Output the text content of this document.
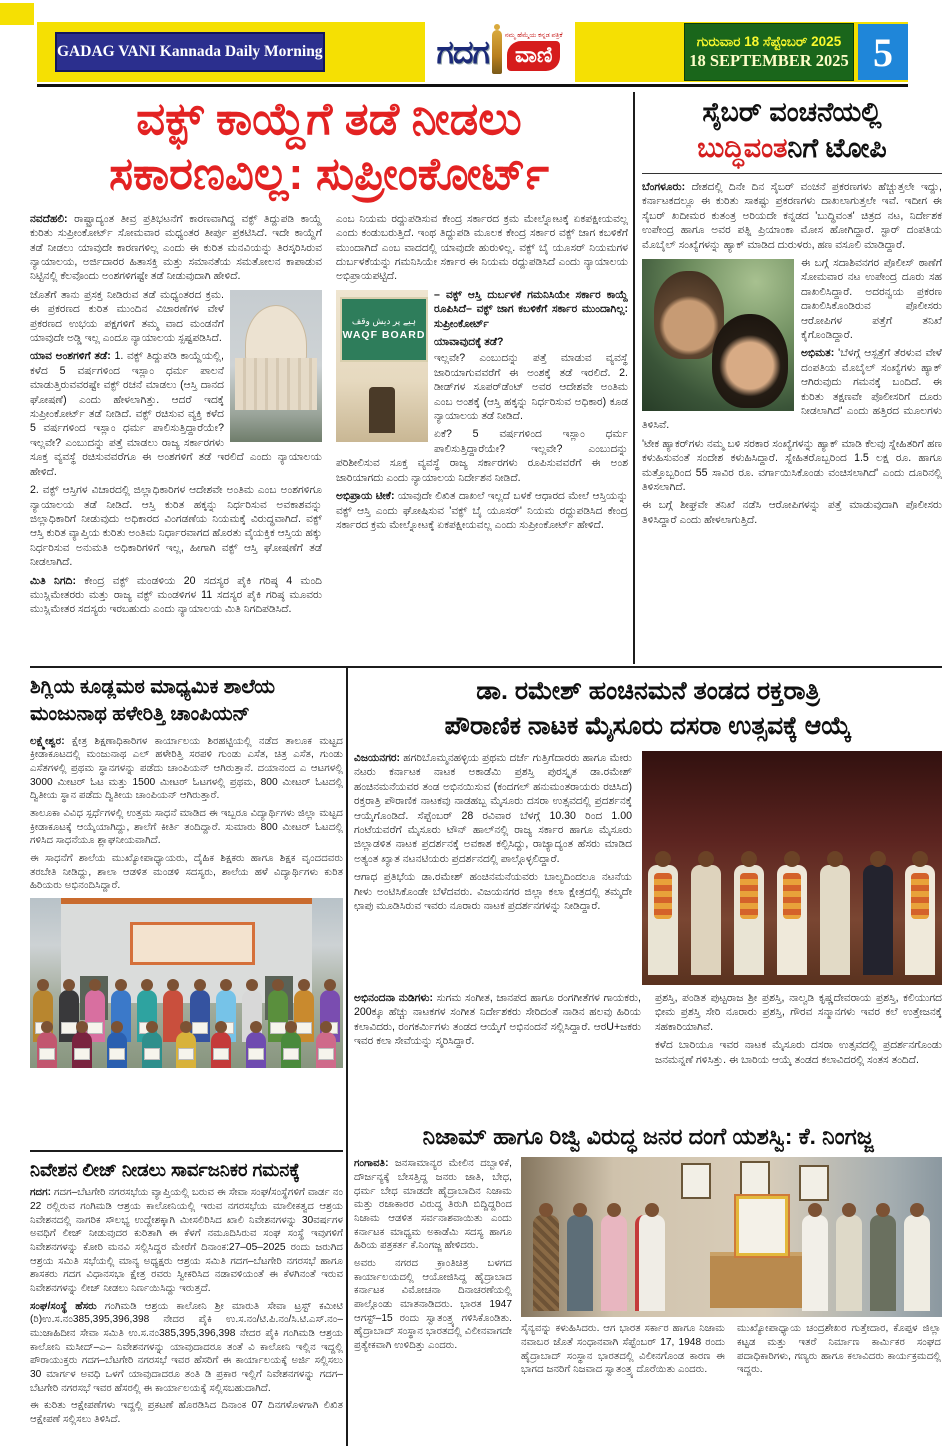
GADAG VANI Kannada Daily Morning	ಗದಗ ನಮ್ಮ ಹೆಮ್ಮೆಯ ಕನ್ನಡ ಪತ್ರಿಕೆ
ವಾಣಿ	ಗುರುವಾರ 18 ಸೆಪ್ಟೆಂಬರ್ 2025
18 SEPTEMBER 2025 5
ವಕ್ಫ್ ಕಾಯ್ದೆಗೆ ತಡೆ ನೀಡಲು
ಸಕಾರಣವಿಲ್ಲ: ಸುಪ್ರೀಂಕೋರ್ಟ್

ನವದೆಹಲಿ: ರಾಷ್ಟ್ರಾದ್ಯಂತ ತೀವ್ರ ಪ್ರತಿಭಟನೆಗೆ ಕಾರಣವಾಗಿದ್ದ ವಕ್ಫ್ ತಿದ್ದುಪಡಿ ಕಾಯ್ದೆ ಕುರಿತು ಸುಪ್ರೀಂಕೋರ್ಟ್ ಸೋಮವಾರ ಮಧ್ಯಂತರ ತೀರ್ಪು ಪ್ರಕಟಿಸಿದೆ. ಇದೇ ಕಾಯ್ದೆಗೆ ತಡೆ ನೀಡಲು ಯಾವುದೇ ಕಾರಣಗಳಿಲ್ಲ ಎಂದು ಈ ಕುರಿತ ಮನವಿಯನ್ನು ತಿರಸ್ಕರಿಸಿರುವ ನ್ಯಾಯಾಲಯ, ಅರ್ಜಿದಾರರ ಹಿತಾಸಕ್ತಿ ಮತ್ತು ಸಮಾನತೆಯ ಸಮತೋಲನ ಕಾಪಾಡುವ ನಿಟ್ಟಿನಲ್ಲಿ ಕೆಲವೊಂದು ಅಂಶಗಳಿಗಷ್ಟೇ ತಡೆ ನೀಡುವುದಾಗಿ ಹೇಳಿದೆ.

ಜೊತೆಗೆ ತಾನು ಪ್ರಸಕ್ತ ನೀಡಿರುವ ತಡೆ ಮಧ್ಯಂತರದ ಕ್ರಮ. ಈ ಪ್ರಕರಣದ ಕುರಿತ ಮುಂದಿನ ವಿಚಾರಣೆಗಳ ವೇಳೆ ಪ್ರಕರಣದ ಉಭಯ ಪಕ್ಷಗಳಿಗೆ ತಮ್ಮ ವಾದ ಮಂಡನೆಗೆ ಯಾವುದೇ ಅಡ್ಡಿ ಇಲ್ಲ ಎಂದೂ ನ್ಯಾಯಾಲಯ ಸ್ಪಷ್ಟಪಡಿಸಿದೆ.

ಯಾವ ಅಂಶಗಳಿಗೆ ತಡೆ: 1. ವಕ್ಫ್ ತಿದ್ದುಪಡಿ ಕಾಯ್ದೆಯಲ್ಲಿ, ಕಳೆದ 5 ವರ್ಷಗಳಿಂದ ಇಸ್ಲಾಂ ಧರ್ಮ ಪಾಲನೆ ಮಾಡುತ್ತಿರುವವರಷ್ಟೇ ವಕ್ಫ್ ರಚನೆ ಮಾಡಲು (ಆಸ್ತಿ ದಾನದ ಘೋಷಣೆ) ಎಂದು ಹೇಳಲಾಗಿತ್ತು. ಆದರೆ ಇದಕ್ಕೆ ಸುಪ್ರೀಂಕೋರ್ಟ್ ತಡೆ ನೀಡಿದೆ. ವಕ್ಫ್ ರಚಿಸುವ ವ್ಯಕ್ತಿ ಕಳೆದ 5 ವರ್ಷಗಳಿಂದ ಇಸ್ಲಾಂ ಧರ್ಮ ಪಾಲಿಸುತ್ತಿದ್ದಾರೆಯೇ? ಇಲ್ಲವೇ? ಎಂಬುದನ್ನು ಪತ್ತೆ ಮಾಡಲು ರಾಜ್ಯ ಸರ್ಕಾರಗಳು ಸೂಕ್ತ ವ್ಯವಸ್ಥೆ ರಚಿಸುವವರೆಗೂ ಈ ಅಂಶಗಳಿಗೆ ತಡೆ ಇರಲಿದೆ ಎಂದು ನ್ಯಾಯಾಲಯ ಹೇಳಿದೆ.

2. ವಕ್ಫ್ ಆಸ್ತಿಗಳ ವಿಚಾರದಲ್ಲಿ ಜಿಲ್ಲಾಧಿಕಾರಿಗಳ ಆದೇಶವೇ ಅಂತಿಮ ಎಂಬ ಅಂಶಗಳಿಗೂ ನ್ಯಾಯಾಲಯ ತಡೆ ನೀಡಿದೆ. ಆಸ್ತಿ ಕುರಿತ ಹಕ್ಕನ್ನು ನಿರ್ಧರಿಸುವ ಅವಕಾಶವನ್ನು ಜಿಲ್ಲಾಧಿಕಾರಿಗೆ ನೀಡುವುದು ಅಧಿಕಾರದ ವಿಂಗಡಣೆಯ ನಿಯಮಕ್ಕೆ ವಿರುದ್ಧವಾಗಿದೆ. ವಕ್ಫ್ ಆಸ್ತಿ ಕುರಿತ ವ್ಯಾಪ್ತಿಯ ಕುರಿತು ಅಂತಿಮ ನಿರ್ಧಾರವಾಗದ ಹೊರತು ವೈಯಕ್ತಿಕ ಆಸ್ತಿಯ ಹಕ್ಕು ನಿರ್ಧರಿಸುವ ಅನುಮತಿ ಅಧಿಕಾರಿಗಳಿಗೆ ಇಲ್ಲ, ಹೀಗಾಗಿ ವಕ್ಫ್ ಆಸ್ತಿ ಘೋಷಣೆಗೆ ತಡೆ ನೀಡಲಾಗಿದೆ.

ಮಿತಿ ನಿಗದಿ: ಕೇಂದ್ರ ವಕ್ಫ್ ಮಂಡಳಿಯ 20 ಸದಸ್ಯರ ಪೈಕಿ ಗರಿಷ್ಠ 4 ಮಂದಿ ಮುಸ್ಲಿಮೇತರರು ಮತ್ತು ರಾಜ್ಯ ವಕ್ಫ್ ಮಂಡಳಿಗಳ 11 ಸದಸ್ಯರ ಪೈಕಿ ಗರಿಷ್ಠ ಮೂವರು ಮುಸ್ಲಿಮೇತರ ಸದಸ್ಯರು ಇರಬಹುದು ಎಂದು ನ್ಯಾಯಾಲಯ ಮಿತಿ ನಿಗದಿಪಡಿಸಿದೆ.

ಎಂಬ ನಿಯಮ ರದ್ದುಪಡಿಸುವ ಕೇಂದ್ರ ಸರ್ಕಾರದ ಕ್ರಮ ಮೇಲ್ನೋಟಕ್ಕೆ ಏಕಪಕ್ಷೀಯವಲ್ಲ ಎಂದು ಕಂಡುಬರುತ್ತಿದೆ. ಇಂಥ ತಿದ್ದುಪಡಿ ಮೂಲಕ ಕೇಂದ್ರ ಸರ್ಕಾರ ವಕ್ಫ್ ಜಾಗ ಕಬಳಿಕೆಗೆ ಮುಂದಾಗಿದೆ ಎಂಬ ವಾದದಲ್ಲಿ ಯಾವುದೇ ಹುರುಳಿಲ್ಲ. ವಕ್ಫ್ ಬೈ ಯೂಸರ್ ನಿಯಮಗಳ ದುರ್ಬಳಕೆಯನ್ನು ಗಮನಿಸಿಯೇ ಸರ್ಕಾರ ಈ ನಿಯಮ ರದ್ದುಪಡಿಸಿದೆ ಎಂದು ನ್ಯಾಯಾಲಯ ಅಭಿಪ್ರಾಯಪಟ್ಟಿದೆ.

ہیے پر دیش وقف
WAQF BOARD

– ವಕ್ಫ್ ಆಸ್ತಿ ದುರ್ಬಳಕೆ ಗಮನಿಸಿಯೇ ಸರ್ಕಾರ ಕಾಯ್ದೆ ರೂಪಿಸಿದೆ– ವಕ್ಫ್ ಜಾಗ ಕಬಳಿಕೆಗೆ ಸರ್ಕಾರ ಮುಂದಾಗಿಲ್ಲ: ಸುಪ್ರೀಂಕೋರ್ಟ್

ಯಾವಾವುದಕ್ಕೆ ತಡೆ?

ಇಲ್ಲವೇ? ಎಂಬುದನ್ನು ಪತ್ತೆ ಮಾಡುವ ವ್ಯವಸ್ಥೆ ಜಾರಿಯಾಗುವವರೆಗೆ ಈ ಅಂಶಕ್ಕೆ ತಡೆ ಇರಲಿದೆ. 2. ಡೀಡ್‌ಗಳ ಸೂಪರ್‌ಡೆಂಟ್ ಅವರ ಆದೇಶವೇ ಅಂತಿಮ ಎಂಬ ಅಂಶಕ್ಕೆ (ಆಸ್ತಿ ಹಕ್ಕನ್ನು ನಿರ್ಧರಿಸುವ ಅಧಿಕಾರ) ಕೂಡ ನ್ಯಾಯಾಲಯ ತಡೆ ನೀಡಿದೆ.

ಏಕೆ? 5 ವರ್ಷಗಳಿಂದ ಇಸ್ಲಾಂ ಧರ್ಮ ಪಾಲಿಸುತ್ತಿದ್ದಾರೆಯೇ? ಇಲ್ಲವೇ? ಎಂಬುದನ್ನು ಪರಿಶೀಲಿಸುವ ಸೂಕ್ತ ವ್ಯವಸ್ಥೆ ರಾಜ್ಯ ಸರ್ಕಾರಗಳು ರೂಪಿಸುವವರೆಗೆ ಈ ಅಂಶ ಜಾರಿಯಾಗದು ಎಂದು ನ್ಯಾಯಾಲಯ ನಿರ್ದೇಶನ ನೀಡಿದೆ.

ಅಭಿಪ್ರಾಯ ಟೀಕೆ: ಯಾವುದೇ ಲಿಖಿತ ದಾಖಲೆ ಇಲ್ಲದೆ ಬಳಕೆ ಆಧಾರದ ಮೇಲೆ ಆಸ್ತಿಯನ್ನು ವಕ್ಫ್ ಆಸ್ತಿ ಎಂದು ಘೋಷಿಸುವ 'ವಕ್ಫ್ ಬೈ ಯೂಸರ್' ನಿಯಮ ರದ್ದುಪಡಿಸಿದ ಕೇಂದ್ರ ಸರ್ಕಾರದ ಕ್ರಮ ಮೇಲ್ನೋಟಕ್ಕೆ ಏಕಪಕ್ಷೀಯವಲ್ಲ ಎಂದು ಸುಪ್ರೀಂಕೋರ್ಟ್ ಹೇಳಿದೆ.

ಸೈಬರ್ ವಂಚನೆಯಲ್ಲಿ
ಬುದ್ಧಿವಂತನಿಗೆ ಟೋಪಿ

ಬೆಂಗಳೂರು: ದೇಶದಲ್ಲಿ ದಿನೇ ದಿನ ಸೈಬರ್ ವಂಚನೆ ಪ್ರಕರಣಗಳು ಹೆಚ್ಚುತ್ತಲೇ ಇದ್ದು, ಕರ್ನಾಟಕದಲ್ಲೂ ಈ ಕುರಿತು ಸಾಕಷ್ಟು ಪ್ರಕರಣಗಳು ದಾಖಲಾಗುತ್ತಲೇ ಇವೆ. ಇದೀಗ ಈ ಸೈಬರ್ ಖದೀಮರ ಕುತಂತ್ರ ಅರಿಯದೇ ಕನ್ನಡದ 'ಬುದ್ಧಿವಂತ' ಚಿತ್ರದ ನಟ, ನಿರ್ದೇಶಕ ಉಪೇಂದ್ರ ಹಾಗೂ ಅವರ ಪತ್ನಿ ಪ್ರಿಯಾಂಕಾ ಮೋಸ ಹೋಗಿದ್ದಾರೆ. ಸ್ಟಾರ್ ದಂಪತಿಯ ಮೊಬೈಲ್ ಸಂಖ್ಯೆಗಳನ್ನು ಹ್ಯಾಕ್ ಮಾಡಿದ ದುರುಳರು, ಹಣ ವಸೂಲಿ ಮಾಡಿದ್ದಾರೆ.

ಈ ಬಗ್ಗೆ ಸದಾಶಿವನಗರ ಪೊಲೀಸ್ ಠಾಣೆಗೆ ಸೋಮವಾರ ನಟ ಉಪೇಂದ್ರ ದೂರು ಸಹ ದಾಖಲಿಸಿದ್ದಾರೆ. ಅದರನ್ವಯ ಪ್ರಕರಣ ದಾಖಲಿಸಿಕೊಂಡಿರುವ ಪೊಲೀಸರು ಆರೋಪಿಗಳ ಪತ್ತೆಗೆ ತನಿಖೆ ಕೈಗೊಂಡಿದ್ದಾರೆ.

ಅಭಿಮತ: 'ಬೆಳಗ್ಗೆ ಆಸ್ಪತ್ರೆಗೆ ತೆರಳುವ ವೇಳೆ ದಂಪತಿಯ ಮೊಬೈಲ್ ಸಂಖ್ಯೆಗಳು ಹ್ಯಾಕ್ ಆಗಿರುವುದು ಗಮನಕ್ಕೆ ಬಂದಿದೆ. ಈ ಕುರಿತು ತಕ್ಷಣವೇ ಪೊಲೀಸರಿಗೆ ದೂರು ನೀಡಲಾಗಿದೆ' ಎಂದು ಹತ್ತಿರದ ಮೂಲಗಳು ತಿಳಿಸಿವೆ.

'ಟೇಕ ಹ್ಯಾಕರ್‌ಗಳು ನಮ್ಮ ಬಳಿ ಸರಕಾರ ಸಂಖ್ಯೆಗಳನ್ನು ಹ್ಯಾಕ್ ಮಾಡಿ ಕೆಲವು ಸ್ನೇಹಿತರಿಗೆ ಹಣ ಕಳುಹಿಸುವಂತೆ ಸಂದೇಶ ಕಳುಹಿಸಿದ್ದಾರೆ. ಸ್ನೇಹಿತರೊಬ್ಬರಿಂದ 1.5 ಲಕ್ಷ ರೂ. ಹಾಗೂ ಮತ್ತೊಬ್ಬರಿಂದ 55 ಸಾವಿರ ರೂ. ವರ್ಗಾಯಿಸಿಕೊಂಡು ವಂಚಿಸಲಾಗಿದೆ' ಎಂದು ದೂರಿನಲ್ಲಿ ತಿಳಿಸಲಾಗಿದೆ.

ಈ ಬಗ್ಗೆ ಶೀಘ್ರವೇ ತನಿಖೆ ನಡೆಸಿ ಆರೋಪಿಗಳನ್ನು ಪತ್ತೆ ಮಾಡುವುದಾಗಿ ಪೊಲೀಸರು ತಿಳಿಸಿದ್ದಾರೆ ಎಂದು ಹೇಳಲಾಗುತ್ತಿದೆ.

ಶಿಗ್ಲಿಯ ಕೂಡ್ಲಮಠ ಮಾಧ್ಯಮಿಕ ಶಾಲೆಯ
ಮಂಜುನಾಥ ಹಳೇರಿತ್ತಿ ಚಾಂಪಿಯನ್

ಲಕ್ಷ್ಮೇಶ್ವರ: ಕ್ಷೇತ್ರ ಶಿಕ್ಷಣಾಧಿಕಾರಿಗಳ ಕಾರ್ಯಾಲಯ ಶಿರಹಟ್ಟಿಯಲ್ಲಿ ನಡೆದ ತಾಲೂಕ ಮಟ್ಟದ ಕ್ರೀಡಾಕೂಟದಲ್ಲಿ ಮಂಜುನಾಥ ಎಲ್ ಹಳೇರಿತ್ತಿ ಸರಪಳಿ ಗುಂಡು ಎಸೆತ, ಚಿತ್ರ ಎಸೆತ, ಗುಂಡು ಎಸೆತಗಳಲ್ಲಿ ಪ್ರಥಮ ಸ್ಥಾನಗಳನ್ನು ಪಡೆದು ಚಾಂಪಿಯನ್ ಆಗಿರುತ್ತಾನೆ. ದಯಾನಂದ ಎ ಆಟಗಳಲ್ಲಿ 3000 ಮೀಟರ್ ಓಟ ಮತ್ತು 1500 ಮೀಟರ್ ಓಟಗಳಲ್ಲಿ ಪ್ರಥಮ, 800 ಮೀಟರ್ ಓಟದಲ್ಲಿ ದ್ವಿತೀಯ ಸ್ಥಾನ ಪಡೆದು ದ್ವಿತೀಯ ಚಾಂಪಿಯನ್ ಆಗಿರುತ್ತಾರೆ.

ತಾಲೂಕಾ ವಿವಿಧ ಸ್ಪರ್ಧೆಗಳಲ್ಲಿ ಉತ್ತಮ ಸಾಧನೆ ಮಾಡಿದ ಈ ಇಬ್ಬರೂ ವಿದ್ಯಾರ್ಥಿಗಳು ಜಿಲ್ಲಾ ಮಟ್ಟದ ಕ್ರೀಡಾಕೂಟಕ್ಕೆ ಆಯ್ಕೆಯಾಗಿದ್ದು, ಶಾಲೆಗೆ ಕೀರ್ತಿ ತಂದಿದ್ದಾರೆ. ಸುಮಾರು 800 ಮೀಟರ್ ಓಟದಲ್ಲಿ ಗಳಿಸಿದ ಸಾಧನೆಯೂ ಶ್ಲಾಘನೀಯವಾಗಿದೆ.

ಈ ಸಾಧನೆಗೆ ಶಾಲೆಯ ಮುಖ್ಯೋಪಾಧ್ಯಾಯರು, ದೈಹಿಕ ಶಿಕ್ಷಕರು ಹಾಗೂ ಶಿಕ್ಷಕ ವೃಂದದವರು ತರಬೇತಿ ನೀಡಿದ್ದು, ಶಾಲಾ ಆಡಳಿತ ಮಂಡಳಿ ಸದಸ್ಯರು, ಶಾಲೆಯ ಹಳೆ ವಿದ್ಯಾರ್ಥಿಗಳು ಕುರಿತ ಹಿರಿಯರು ಅಭಿನಂದಿಸಿದ್ದಾರೆ.

ಡಾ. ರಮೇಶ್ ಹಂಚಿನಮನೆ ತಂಡದ ರಕ್ತರಾತ್ರಿ
ಪೌರಾಣಿಕ ನಾಟಕ ಮೈಸೂರು ದಸರಾ ಉತ್ಸವಕ್ಕೆ ಆಯ್ಕೆ

ವಿಜಯನಗರ: ಹಗರಿಬೊಮ್ಮನಹಳ್ಳಿಯ ಪ್ರಥಮ ದರ್ಜೆ ಗುತ್ತಿಗೆದಾರರು ಹಾಗೂ ಮೇರು ನಟರು ಕರ್ನಾಟಕ ನಾಟಕ ಅಕಾಡೆಮಿ ಪ್ರಶಸ್ತಿ ಪುರಸ್ಕೃತ ಡಾ.ರಮೇಶ್ ಹಂಚಿನಮನೆಯವರ ತಂಡ ಅಭಿನಯಿಸುವ (ಕಂದಗಲ್ ಹನುಮಂತರಾಯರು ರಚಿಸಿದ) ರಕ್ತರಾತ್ರಿ ಪೌರಾಣಿಕ ನಾಟಕವು ನಾಡಹಬ್ಬ ಮೈಸೂರು ದಸರಾ ಉತ್ಸವದಲ್ಲಿ ಪ್ರದರ್ಶನಕ್ಕೆ ಆಯ್ಕೆಗೊಂಡಿದೆ. ಸೆಪ್ಟೆಂಬರ್ 28 ರವಿವಾರ ಬೆಳಗ್ಗೆ 10.30 ರಿಂದ 1.00 ಗಂಟೆಯವರೆಗೆ ಮೈಸೂರು ಟೌನ್ ಹಾಲ್‌ನಲ್ಲಿ ರಾಜ್ಯ ಸರ್ಕಾರ ಹಾಗೂ ಮೈಸೂರು ಜಿಲ್ಲಾಡಳಿತ ನಾಟಕ ಪ್ರದರ್ಶನಕ್ಕೆ ಅವಕಾಶ ಕಲ್ಪಿಸಿದ್ದು, ರಾಜ್ಯಾದ್ಯಂತ ಹೆಸರು ಮಾಡಿದ ಅತ್ಯಂತ ಖ್ಯಾತ ನಟನಟಿಯರು ಪ್ರದರ್ಶನದಲ್ಲಿ ಪಾಲ್ಗೊಳ್ಳಲಿದ್ದಾರೆ.

ಆಗಾಧ ಪ್ರತಿಭೆಯ ಡಾ.ರಮೇಶ್ ಹಂಚಿನಮನೆಯವರು ಬಾಲ್ಯದಿಂದಲೂ ನಟನೆಯ ಗೀಳು ಅಂಟಿಸಿಕೊಂಡೇ ಬೆಳೆದವರು. ವಿಜಯನಗರ ಜಿಲ್ಲಾ ಕಲಾ ಕ್ಷೇತ್ರದಲ್ಲಿ ತಮ್ಮದೇ ಛಾಪು ಮೂಡಿಸಿರುವ ಇವರು ನೂರಾರು ನಾಟಕ ಪ್ರದರ್ಶನಗಳನ್ನು ನೀಡಿದ್ದಾರೆ.

ಅಭಿನಂದನಾ ನುಡಿಗಳು: ಸುಗಮ ಸಂಗೀತ, ಜಾನಪದ ಹಾಗೂ ರಂಗಗೀತೆಗಳ ಗಾಯಕರು, 200ಕ್ಕೂ ಹೆಚ್ಚು ನಾಟಕಗಳ ಸಂಗೀತ ನಿರ್ದೇಶಕರು ಸೇರಿದಂತೆ ನಾಡಿನ ಹಲವು ಹಿರಿಯ ಕಲಾವಿದರು, ರಂಗಕರ್ಮಿಗಳು ತಂಡದ ಆಯ್ಕೆಗೆ ಅಭಿನಂದನೆ ಸಲ್ಲಿಸಿದ್ದಾರೆ. ಆರU+ಜಕರು ಇವರ ಕಲಾ ಸೇವೆಯನ್ನು ಸ್ಮರಿಸಿದ್ದಾರೆ.

ಪ್ರಶಸ್ತಿ, ಪಂಡಿತ ಪುಟ್ಟರಾಜ ಶ್ರೀ ಪ್ರಶಸ್ತಿ, ನಾಲ್ವಡಿ ಕೃಷ್ಣದೇವರಾಯ ಪ್ರಶಸ್ತಿ, ಕಲಿಯುಗದ ಭೀಮ ಪ್ರಶಸ್ತಿ ಸೇರಿ ನೂರಾರು ಪ್ರಶಸ್ತಿ, ಗೌರವ ಸನ್ಮಾನಗಳು ಇವರ ಕಲೆ ಉತ್ತೇಜನಕ್ಕೆ ಸಹಕಾರಿಯಾಗಿವೆ.

ಕಳೆದ ಬಾರಿಯೂ ಇವರ ನಾಟಕ ಮೈಸೂರು ದಸರಾ ಉತ್ಸವದಲ್ಲಿ ಪ್ರದರ್ಶನಗೊಂಡು ಜನಮನ್ನಣೆ ಗಳಿಸಿತ್ತು. ಈ ಬಾರಿಯ ಆಯ್ಕೆ ತಂಡದ ಕಲಾವಿದರಲ್ಲಿ ಸಂತಸ ತಂದಿದೆ.

ನಿವೇಶನ ಲೀಜ್ ನೀಡಲು ಸಾರ್ವಜನಿಕರ ಗಮನಕ್ಕೆ

ಗದಗ: ಗದಗ–ಬೆಟಗೇರಿ ನಗರಸಭೆಯ ವ್ಯಾಪ್ತಿಯಲ್ಲಿ ಬರುವ ಈ ಸೇವಾ ಸಂಘ/ಸಂಸ್ಥೆಗಳಿಗೆ ವಾರ್ಡ ನಂ 22 ರಲ್ಲಿರುವ ಗಂಗಿಮಡಿ ಆಶ್ರಯ ಕಾಲೋನಿಯಲ್ಲಿ ಇರುವ ನಗರಸಭೆಯ ಮಾಲೀಕತ್ವದ ಆಶ್ರಯ ನಿವೇಶನದಲ್ಲಿ ನಾಗರಿಕ ಸೌಲಭ್ಯ ಉದ್ದೇಶಕ್ಕಾಗಿ ಮೀಸಲಿರಿಸಿದ ಖಾಲಿ ನಿವೇಶನಗಳನ್ನು 30ವರ್ಷಗಳ ಅವಧಿಗೆ ಲೀಜ್ ನೀಡುವುದರ ಕುರಿತಾಗಿ ಈ ಕೆಳಗೆ ನಮೂದಿಸಿರುವ ಸಂಘ ಸಂಸ್ಥೆ ಇವುಗಳಿಗೆ ನಿವೇಶನಗಳನ್ನು ಕೋರಿ ಮನವಿ ಸಲ್ಲಿಸಿದ್ದರ ಮೇರೆಗೆ ದಿನಾಂಕ:27–05–2025 ರಂದು ಜರುಗಿದ ಆಶ್ರಯ ಸಮಿತಿ ಸಭೆಯಲ್ಲಿ ಮಾನ್ಯ ಅಧ್ಯಕ್ಷರು ಆಶ್ರಯ ಸಮಿತಿ ಗದಗ–ಬೆಟಗೇರಿ ನಗರಸಭೆ ಹಾಗೂ ಶಾಸಕರು ಗದಗ ವಿಧಾನಸಭಾ ಕ್ಷೇತ್ರ ರವರು ಸ್ವೀಕರಿಸಿದ ನಡಾವಳಿಯಂತೆ ಈ ಕೆಳಗಿನಂತೆ ಇರುವ ನಿವೇಶನಗಳನ್ನು ಲೀಜ್ ನೀಡಲು ನಿರ್ಣಯಿಸಿದ್ದು ಇರುತ್ತದೆ.

ಸಂಘ/ಸಂಸ್ಥೆ ಹೆಸರು ಗಂಗಿಮಡಿ ಆಶ್ರಯ ಕಾಲೋನಿ ಶ್ರೀ ಮಾರುತಿ ಸೇವಾ ಟ್ರಸ್ಟ್ ಕಮೀಟಿ (ರಿ)ಉ.ಸ.ನಂ385,395,396,398 ನೇದರ ಪೈಕಿ ಉ.ಸ.ನಂ/ಟಿ.ಪಿ.ನಂ/ಸಿ.ಟಿ.ಎಸ್.ನಂ– ಮುಜಾಹಿದೀನ ಸೇವಾ ಸಮಿತಿ ಉ.ಸ.ನಂ385,395,396,398 ನೇದರ ಪೈಕಿ ಗಂಗಿಮಡಿ ಆಶ್ರಯ ಕಾಲೋನಿ ಮಸೀದ್–ಎ– ನಿವೇಶನಗಳನ್ನು ಯಾವುದಾದರೂ ತಂತೆ ವಿ ಕಾಲೋನಿ ಇಲ್ಲಿನ ಇದ್ದಲ್ಲಿ ಪೌರಾಯುಕ್ತರು ಗದಗ–ಬೆಟಗೇರಿ ನಗರಸಭೆ ಇವರ ಹೆಸರಿಗೆ ಈ ಕಾರ್ಯಾಲಯಕ್ಕೆ ಅರ್ಜಿ ಸಲ್ಲಿಸಲು 30 ಮಾರ್ಗಳ ಅವಧಿ ಒಳಗೆ ಯಾವುದಾದರೂ ತಂತಿ ಡಿ ಪ್ರಕಾರ ಇಲ್ಲಿಗೆ ನಿವೇಶನಗಳನ್ನು ಗದಗ–ಬೆಟಗೇರಿ ನಗರಸಭೆ ಇವರ ಹೆಸರಲ್ಲಿ ಈ ಕಾರ್ಯಾಲಯಕ್ಕೆ ಸಲ್ಲಿಸಬಹುದಾಗಿದೆ.

ಈ ಕುರಿತು ಆಕ್ಷೇಪಣೆಗಳು ಇದ್ದಲ್ಲಿ ಪ್ರಕಟಣೆ ಹೊರಡಿಸಿದ ದಿನಾಂಕ 07 ದಿನಗಳೊಳಗಾಗಿ ಲಿಖಿತ ಆಕ್ಷೇಪಣೆ ಸಲ್ಲಿಸಲು ತಿಳಿಸಿದೆ.

ನಿಜಾಮ್ ಹಾಗೂ ರಿಜ್ವಿ ವಿರುದ್ಧ ಜನರ ದಂಗೆ ಯಶಸ್ವಿ: ಕೆ. ನಿಂಗಜ್ಜ

ಗಂಗಾವತಿ: ಜನಸಾಮಾನ್ಯರ ಮೇಲಿನ ದಬ್ಬಾಳಿಕೆ, ದೌರ್ಜನ್ಯಕ್ಕೆ ಬೇಸತ್ತಿದ್ದ ಜನರು ಜಾತಿ, ಬೇಧ, ಧರ್ಮ ಬೇಧ ಮಾಡದೇ ಹೈದ್ರಾಬಾದಿನ ನಿಜಾಮ ಮತ್ತು ರಜಾಕಾರರ ವಿರುದ್ಧ ತಿರುಗಿ ಬಿದ್ದಿದ್ದರಿಂದ ನಿಜಾಮ ಆಡಳಿತ ಸರ್ವನಾಶವಾಯಿತು ಎಂದು ಕರ್ನಾಟಕ ಮಾಧ್ಯಮ ಅಕಾಡೆಮಿ ಸದಸ್ಯ ಹಾಗೂ ಹಿರಿಯ ಪತ್ರಕರ್ತ ಕೆ.ನಿಂಗಜ್ಜ ಹೇಳಿದರು.

ಅವರು ನಗರದ ಕ್ರಾಂತಿಚಿತ್ರ ಬಳಗದ ಕಾರ್ಯಾಲಯದಲ್ಲಿ ಆಯೋಜಿಸಿದ್ದ ಹೈದ್ರಾಬಾದ ಕರ್ನಾಟಕ ವಿಮೋಚನಾ ದಿನಾಚರಣೆಯಲ್ಲಿ ಪಾಲ್ಗೊಂಡು ಮಾತನಾಡಿದರು. ಭಾರತ 1947 ಆಗಸ್ಟ್‌–15 ರಂದು ಸ್ವಾತಂತ್ರ್ಯ ಗಳಿಸಿಕೊಂಡಿತು. ಹೈದ್ರಾಬಾದ್ ಸಂಸ್ಥಾನ ಭಾರತದಲ್ಲಿ ವಿಲೀನವಾಗದೇ ಪ್ರತ್ಯೇಕವಾಗಿ ಉಳಿದಿತ್ತು ಎಂದರು.

ಸೈನ್ಯವನ್ನು ಕಳುಹಿಸಿದರು. ಆಗ ಭಾರತ ಸರ್ಕಾರ ಹಾಗೂ ನಿಜಾಮ ನವಾಬರ ಜೊತೆ ಸಂಧಾನವಾಗಿ ಸೆಪ್ಟೆಂಬರ್ 17, 1948 ರಂದು ಹೈದ್ರಾಬಾದ್ ಸಂಸ್ಥಾನ ಭಾರತದಲ್ಲಿ ವಿಲೀನಗೊಂಡ ಕಾರಣ ಈ ಭಾಗದ ಜನರಿಗೆ ನಿಜವಾದ ಸ್ವಾತಂತ್ರ್ಯ ದೊರೆಯಿತು ಎಂದರು.

ಮುಖ್ಯೋಪಾಧ್ಯಾಯ ಚಂದ್ರಶೇಖರ ಗುತ್ತೇದಾರ, ಕೊಪ್ಪಳ ಜಿಲ್ಲಾ ಕಟ್ಟಡ ಮತ್ತು ಇತರೆ ನಿರ್ಮಾಣ ಕಾರ್ಮಿಕರ ಸಂಘದ ಪದಾಧಿಕಾರಿಗಳು, ಗಣ್ಯರು ಹಾಗೂ ಕಲಾವಿದರು ಕಾರ್ಯಕ್ರಮದಲ್ಲಿ ಇದ್ದರು.
